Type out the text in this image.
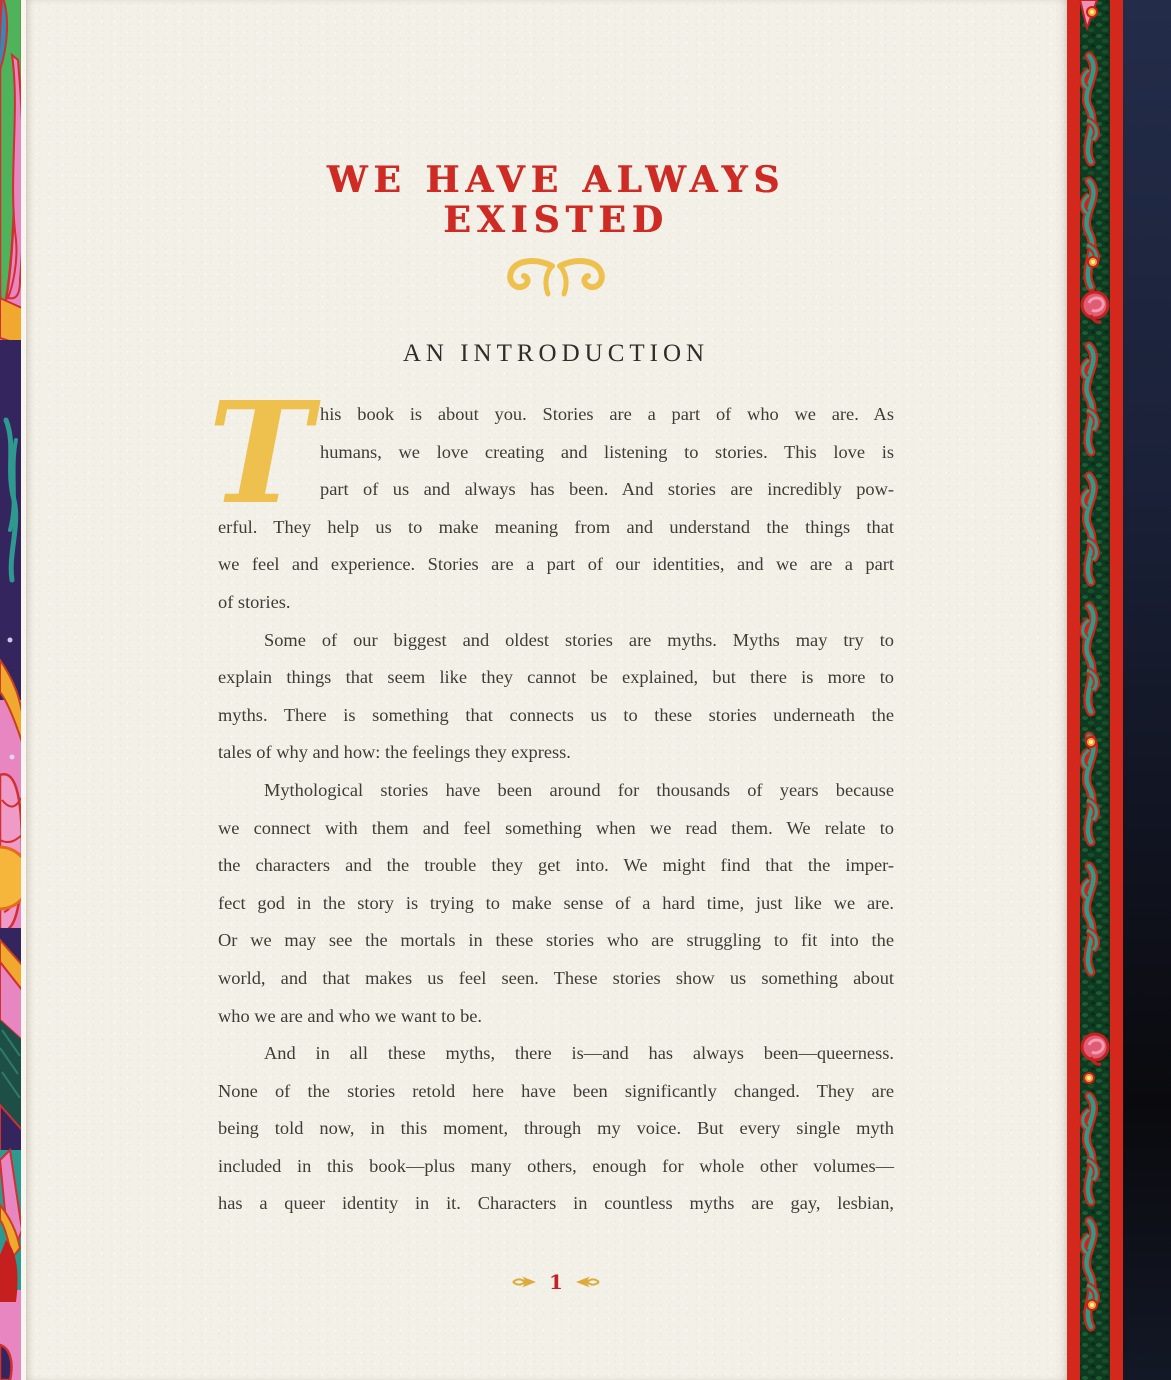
WE HAVE ALWAYS EXISTED
AN INTRODUCTION
T his book is about you. Stories are a part of who we are. As
humans, we love creating and listening to stories. This love is
part of us and always has been. And stories are incredibly pow-
erful. They help us to make meaning from and understand the things that
we feel and experience. Stories are a part of our identities, and we are a part
of stories.
Some of our biggest and oldest stories are myths. Myths may try to
explain things that seem like they cannot be explained, but there is more to
myths. There is something that connects us to these stories underneath the
tales of why and how: the feelings they express.
Mythological stories have been around for thousands of years because
we connect with them and feel something when we read them. We relate to
the characters and the trouble they get into. We might find that the imper-
fect god in the story is trying to make sense of a hard time, just like we are.
Or we may see the mortals in these stories who are struggling to fit into the
world, and that makes us feel seen. These stories show us something about
who we are and who we want to be.
And in all these myths, there is—and has always been—queerness.
None of the stories retold here have been significantly changed. They are
being told now, in this moment, through my voice. But every single myth
included in this book—plus many others, enough for whole other volumes—
has a queer identity in it. Characters in countless myths are gay, lesbian,
1
